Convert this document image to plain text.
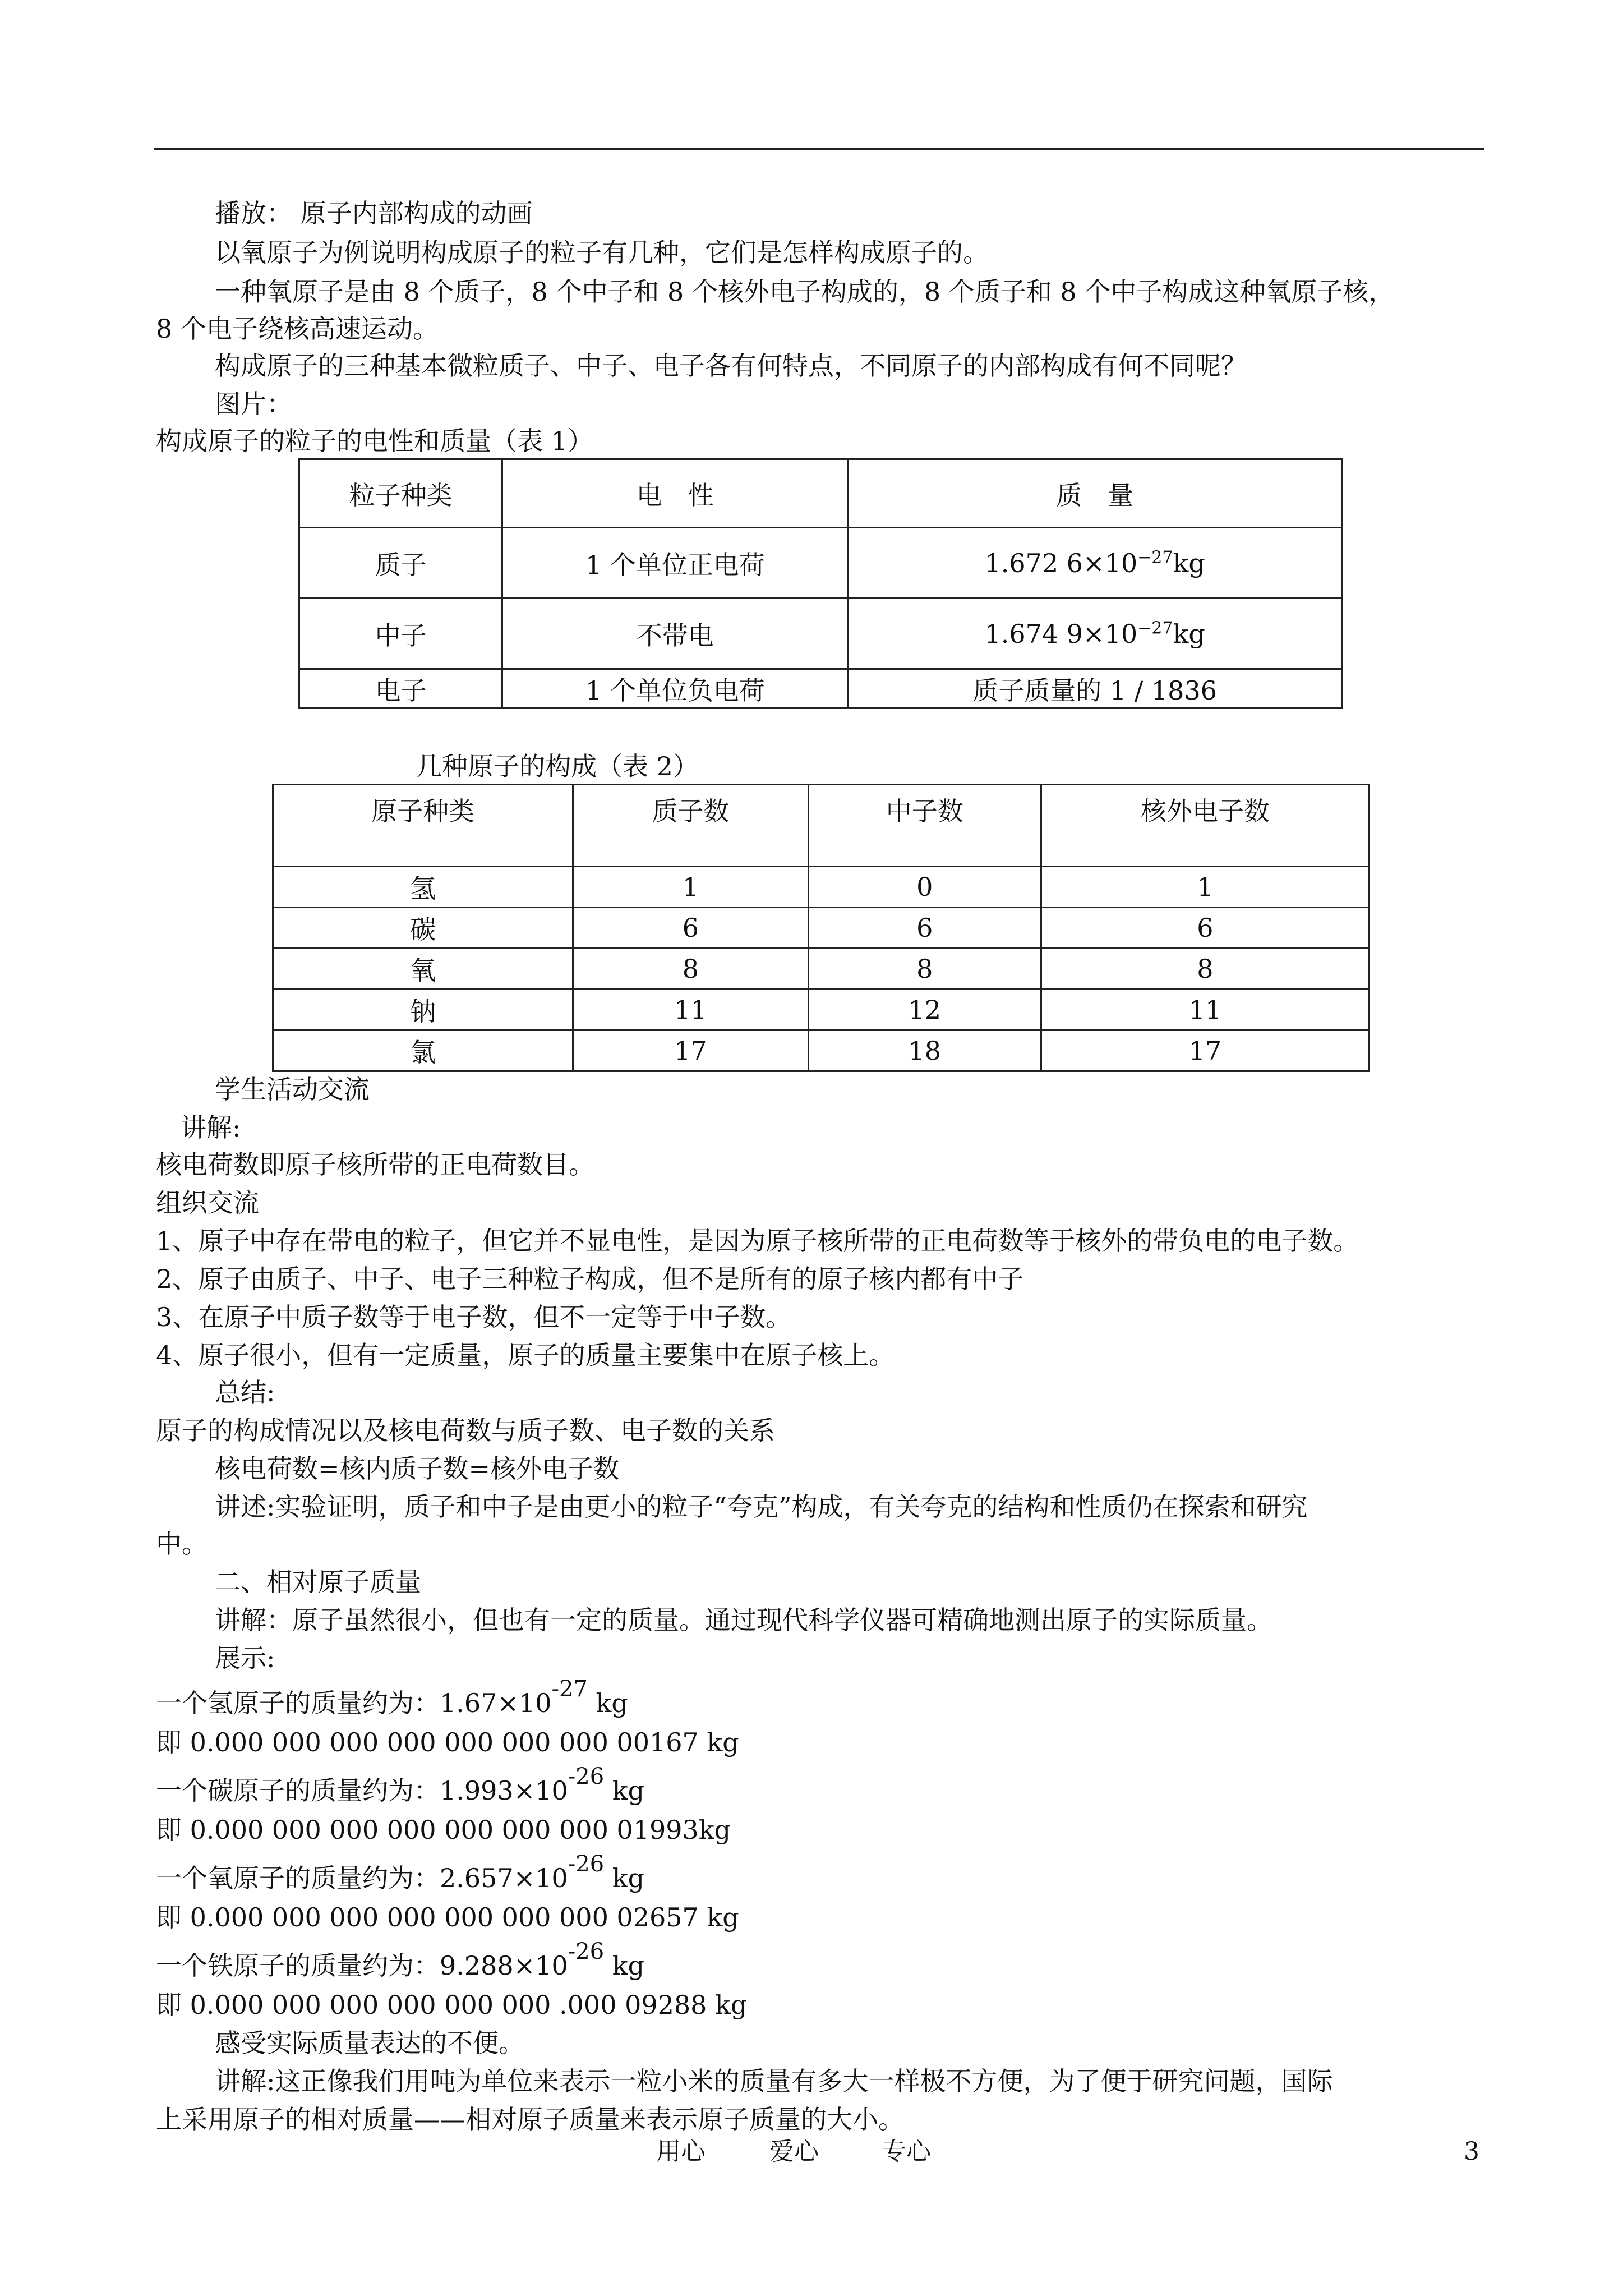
播放： 原子内部构成的动画
以氧原子为例说明构成原子的粒子有几种，它们是怎样构成原子的。
一种氧原子是由 8 个质子，8 个中子和 8 个核外电子构成的，8 个质子和 8 个中子构成这种氧原子核，
8 个电子绕核高速运动。
构成原子的三种基本微粒质子、中子、电子各有何特点，不同原子的内部构成有何不同呢？
图片：
构成原子的粒子的电性和质量（表 1）
粒子种类	电　性	质　量
质子	1 个单位正电荷	1.672 $6\times 10^{-27}kg$
中子	不带电	1.674 $9\times 10^{-27}kg$
电子	1 个单位负电荷	质子质量的 1 / 1836
几种原子的构成（表 2）
原子种类	质子数	中子数	核外电子数
氢	1	0	1
碳	6	6	6
氧	8	8	8
钠	11	12	11
氯	17	18	17
学生活动交流
讲解:
核电荷数即原子核所带的正电荷数目。
组织交流
1、原子中存在带电的粒子，但它并不显电性，是因为原子核所带的正电荷数等于核外的带负电的电子数。
2、原子由质子、中子、电子三种粒子构成，但不是所有的原子核内都有中子
3、在原子中质子数等于电子数，但不一定等于中子数。
4、原子很小，但有一定质量，原子的质量主要集中在原子核上。
总结:
原子的构成情况以及核电荷数与质子数、电子数的关系
核电荷数=核内质子数=核外电子数
讲述:实验证明，质子和中子是由更小的粒子“夸克”构成，有关夸克的结构和性质仍在探索和研究
中。
二、相对原子质量
讲解：原子虽然很小，但也有一定的质量。通过现代科学仪器可精确地测出原子的实际质量。
展示:
一个氢原子的质量约为：1.67×10-27 kg
即 0.000 000 000 000 000 000 000 00167 kg
一个碳原子的质量约为：1.993×10-26 kg
即 0.000 000 000 000 000 000 000 01993kg
一个氧原子的质量约为：2.657×10-26 kg
即 0.000 000 000 000 000 000 000 02657 kg
一个铁原子的质量约为：9.288×10-26 kg
即 0.000 000 000 000 000 000 .000 09288 kg
感受实际质量表达的不便。
讲解:这正像我们用吨为单位来表示一粒小米的质量有多大一样极不方便，为了便于研究问题，国际
上采用原子的相对质量——相对原子质量来表示原子质量的大小。
用心	爱心	专心	3
